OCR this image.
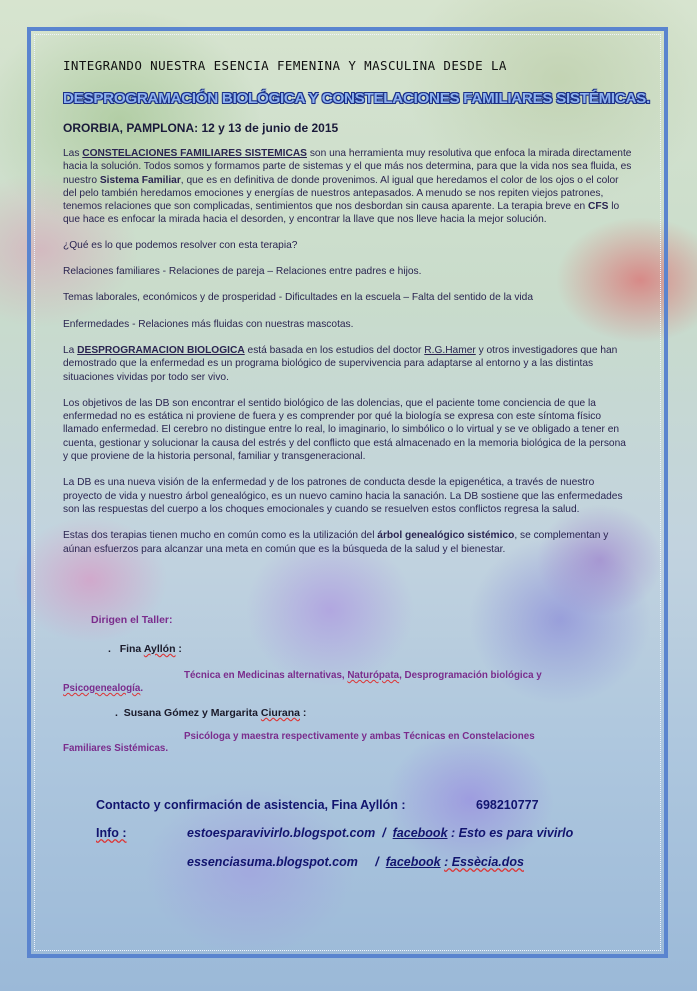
INTEGRANDO NUESTRA ESENCIA FEMENINA Y MASCULINA DESDE LA

DESPROGRAMACIÓN BIOLÓGICA Y CONSTELACIONES FAMILIARES SISTÉMICAS.

ORORBIA, PAMPLONA: 12 y 13 de junio de 2015

Las CONSTELACIONES FAMILIARES SISTEMICAS son una herramienta muy resolutiva que enfoca la mirada directamente hacia la solución. Todos somos y formamos parte de sistemas y el que más nos determina, para que la vida nos sea fluida, es nuestro Sistema Familiar, que es en definitiva de donde provenimos. Al igual que heredamos el color de los ojos o el color del pelo también heredamos emociones y energías de nuestros antepasados. A menudo se nos repiten viejos patrones, tenemos relaciones que son complicadas, sentimientos que nos desbordan sin causa aparente. La terapia breve en CFS lo que hace es enfocar la mirada hacia el desorden, y encontrar la llave que nos lleve hacia la mejor solución.

¿Qué es lo que podemos resolver con esta terapia?

Relaciones familiares - Relaciones de pareja – Relaciones entre padres e hijos.

Temas laborales, económicos y de prosperidad - Dificultades en la escuela – Falta del sentido de la vida

Enfermedades - Relaciones más fluidas con nuestras mascotas.

La DESPROGRAMACION BIOLOGICA está basada en los estudios del doctor R.G.Hamer y otros investigadores que han demostrado que la enfermedad es un programa biológico de supervivencia para adaptarse al entorno y a las distintas situaciones vividas por todo ser vivo.

Los objetivos de las DB son encontrar el sentido biológico de las dolencias, que el paciente tome conciencia de que la enfermedad no es estática ni proviene de fuera y es comprender por qué la biología se expresa con este síntoma físico llamado enfermedad. El cerebro no distingue entre lo real, lo imaginario, lo simbólico o lo virtual y se ve obligado a tener en cuenta, gestionar y solucionar la causa del estrés y del conflicto que está almacenado en la memoria biológica de la persona y que proviene de la historia personal, familiar y transgeneracional.

La DB es una nueva visión de la enfermedad y de los patrones de conducta desde la epigenética, a través de nuestro proyecto de vida y nuestro árbol genealógico, es un nuevo camino hacia la sanación. La DB sostiene que las enfermedades son las respuestas del cuerpo a los choques emocionales y cuando se resuelven estos conflictos regresa la salud.

Estas dos terapias tienen mucho en común como es la utilización del árbol genealógico sistémico, se complementan y aúnan esfuerzos para alcanzar una meta en común que es la búsqueda de la salud y el bienestar.

Dirigen el Taller:
. Fina Ayllón :
Técnica en Medicinas alternativas, Naturópata, Desprogramación biológica y
Psicogenealogía.
. Susana Gómez y Margarita Ciurana :
Psicóloga y maestra respectivamente y ambas Técnicas en Constelaciones
Familiares Sistémicas.
Contacto y confirmación de asistencia, Fina Ayllón :	698210777
Info :	estoesparavivirlo.blogspot.com / facebook : Esto es para vivirlo
essenciasuma.blogspot.com / facebook : Essècia.dos
